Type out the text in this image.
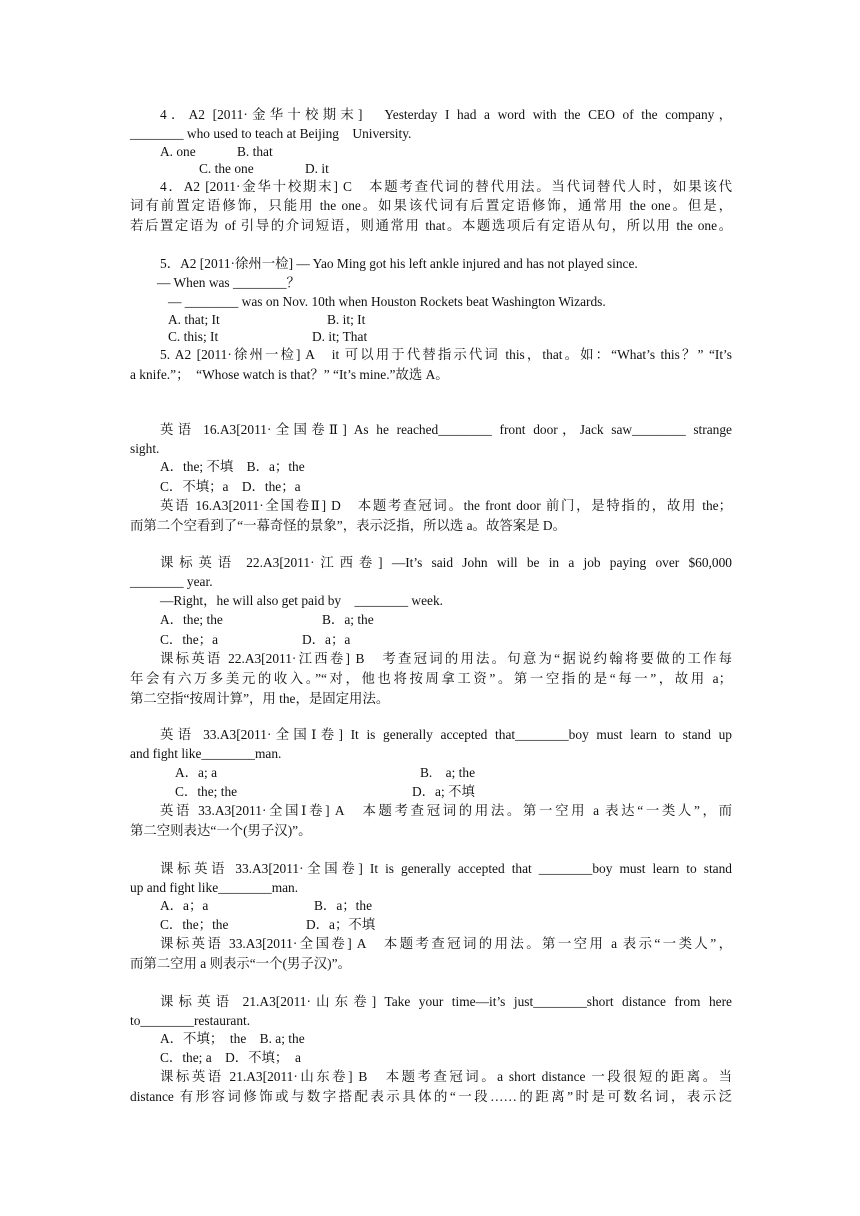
4．A2 [2011·金华十校期末]　Yesterday I had a word with the CEO of the company，
________ who used to teach at Beijing　University.
A. one	B. that
C. the one	D. it
4．A2 [2011·金华十校期末] C　本题考查代词的替代用法。当代词替代人时，如果该代
词有前置定语修饰，只能用 the one。如果该代词有后置定语修饰，通常用 the one。但是，
若后置定语为 of 引导的介词短语，则通常用 that。本题选项后有定语从句，所以用 the one。
5．A2 [2011·徐州一检] — Yao Ming got his left ankle injured and has not played since.
— When was ________？
— ________ was on Nov. 10th when Houston Rockets beat Washington Wizards.
A. that; It	B. it; It
C. this; It	D. it; That
5. A2 [2011·徐州一检] A　it 可以用于代替指示代词 this，that。如：“What’s this？” “It’s
a knife.”；　“Whose watch is that？” “It’s mine.”故选 A。
英语 16.A3[2011·全国卷Ⅱ] As he reached________ front door，Jack saw________ strange
sight.
A．the; 不填　B．a；the
C．不填；a　D．the；a
英语 16.A3[2011·全国卷Ⅱ] D　本题考查冠词。the front door 前门，是特指的，故用 the；
而第二个空看到了“一幕奇怪的景象”，表示泛指，所以选 a。故答案是 D。
课标英语 22.A3[2011·江西卷] —It’s said John will be in a job paying over $60,000
________ year.
—Right，he will also get paid by　________ week.
A．the; the	B．a; the
C．the；a	D．a；a
课标英语 22.A3[2011·江西卷] B　考查冠词的用法。句意为“据说约翰将要做的工作每
年会有六万多美元的收入。”“对，他也将按周拿工资”。第一空指的是“每一”，故用 a；
第二空指“按周计算”，用 the，是固定用法。
英语 33.A3[2011·全国Ⅰ卷] It is generally accepted that________boy must learn to stand up
and fight like________man.
A．a; a	B.　a; the
C．the; the	D．a; 不填
英语 33.A3[2011·全国Ⅰ卷] A　本题考查冠词的用法。第一空用 a 表达“一类人”，而
第二空则表达“一个(男子汉)”。
课标英语 33.A3[2011·全国卷] It is generally accepted that ________boy must learn to stand
up and fight like________man.
A．a；a	B．a；the
C．the；the	D．a；不填
课标英语 33.A3[2011·全国卷] A　本题考查冠词的用法。第一空用 a 表示“一类人”，
而第二空用 a 则表示“一个(男子汉)”。
课标英语 21.A3[2011·山东卷] Take your time—it’s just________short distance from here
to________restaurant.
A．不填；　the　B. a; the
C．the; a　D．不填；　a
课标英语 21.A3[2011·山东卷] B　本题考查冠词。a short distance 一段很短的距离。当
distance 有形容词修饰或与数字搭配表示具体的“一段……的距离”时是可数名词，表示泛
